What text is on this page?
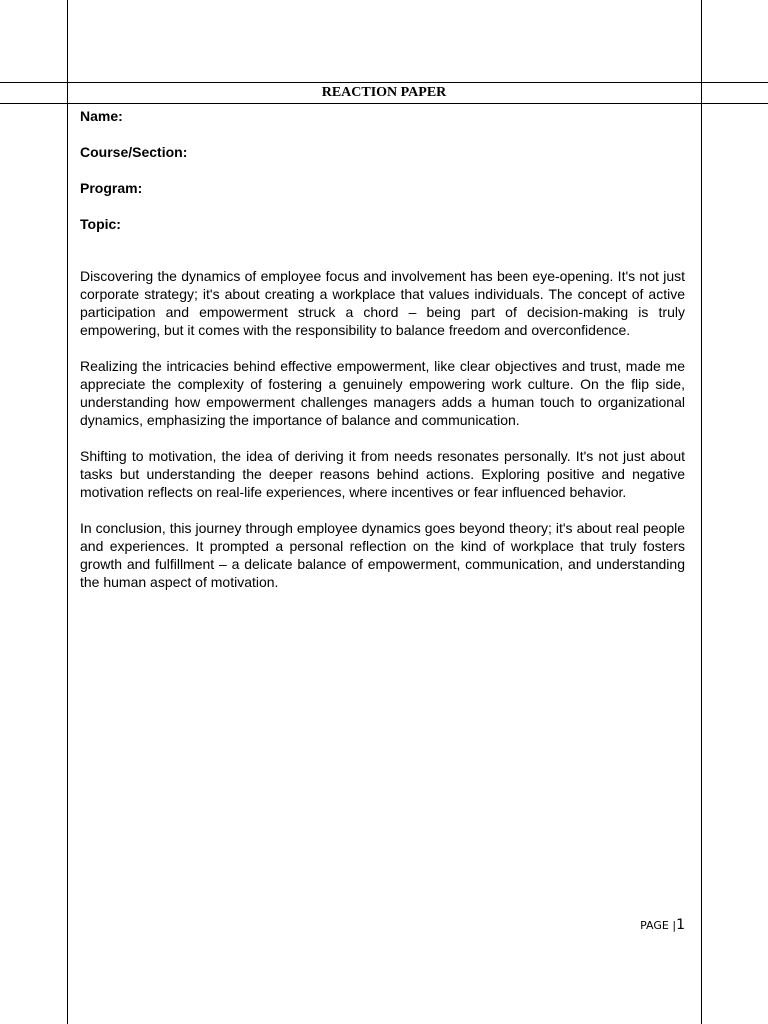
REACTION PAPER
Name:
Course/Section:
Program:
Topic:

Discovering the dynamics of employee focus and involvement has been eye-opening. It's not just corporate strategy; it's about creating a workplace that values individuals. The concept of active participation and empowerment struck a chord – being part of decision-making is truly empowering, but it comes with the responsibility to balance freedom and overconfidence.

Realizing the intricacies behind effective empowerment, like clear objectives and trust, made me appreciate the complexity of fostering a genuinely empowering work culture. On the flip side, understanding how empowerment challenges managers adds a human touch to organizational dynamics, emphasizing the importance of balance and communication.

Shifting to motivation, the idea of deriving it from needs resonates personally. It's not just about tasks but understanding the deeper reasons behind actions. Exploring positive and negative motivation reflects on real-life experiences, where incentives or fear influenced behavior.

In conclusion, this journey through employee dynamics goes beyond theory; it's about real people and experiences. It prompted a personal reflection on the kind of workplace that truly fosters growth and fulfillment – a delicate balance of empowerment, communication, and understanding the human aspect of motivation.

PAGE |1
